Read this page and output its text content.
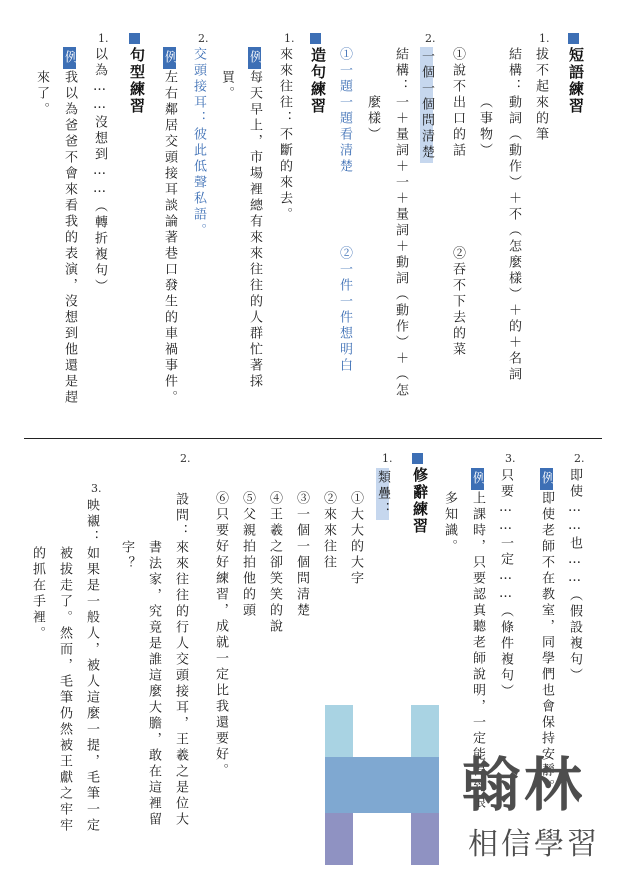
短語練習
1.
拔不起來的筆
結構：動詞（動作）＋不（怎麼樣）＋的＋名詞
（事物）
①說不出口的話
②吞不下去的菜
2.
一個一個問清楚
結構：一＋量詞＋一＋量詞＋動詞（動作）＋（怎
麼樣）
①一題一題看清楚
②一件一件想明白
造句練習
1.
來來往往：不斷的來去。
例
每天早上，市場裡總有來來往往的人群忙著採
買。
2.
交頭接耳：彼此低聲私語。
例
左右鄰居交頭接耳談論著巷口發生的車禍事件。
句型練習
1.
以為……沒想到……（轉折複句）
例
我以為爸爸不會來看我的表演，沒想到他還是趕
來了。
2.
即使……也……（假設複句）
例
即使老師不在教室，同學們也會保持安靜。
3.
只要……一定……（條件複句）
例
上課時，只要認真聽老師說明，一定能得到很
多知識。
修辭練習
1.
類疊：
①大大的大字
②來來往往
③一個一個問清楚
④王羲之卻笑笑的說
⑤父親拍拍他的頭
⑥只要好好練習，成就一定比我還要好。
2.
設問：來來往往的行人交頭接耳，王羲之是位大
書法家，究竟是誰這麼大膽，敢在這裡留
字？
3.
映襯：如果是一般人，被人這麼一提，毛筆一定
被拔走了。然而，毛筆仍然被王獻之牢牢
的抓在手裡。
翰林
相信學習
